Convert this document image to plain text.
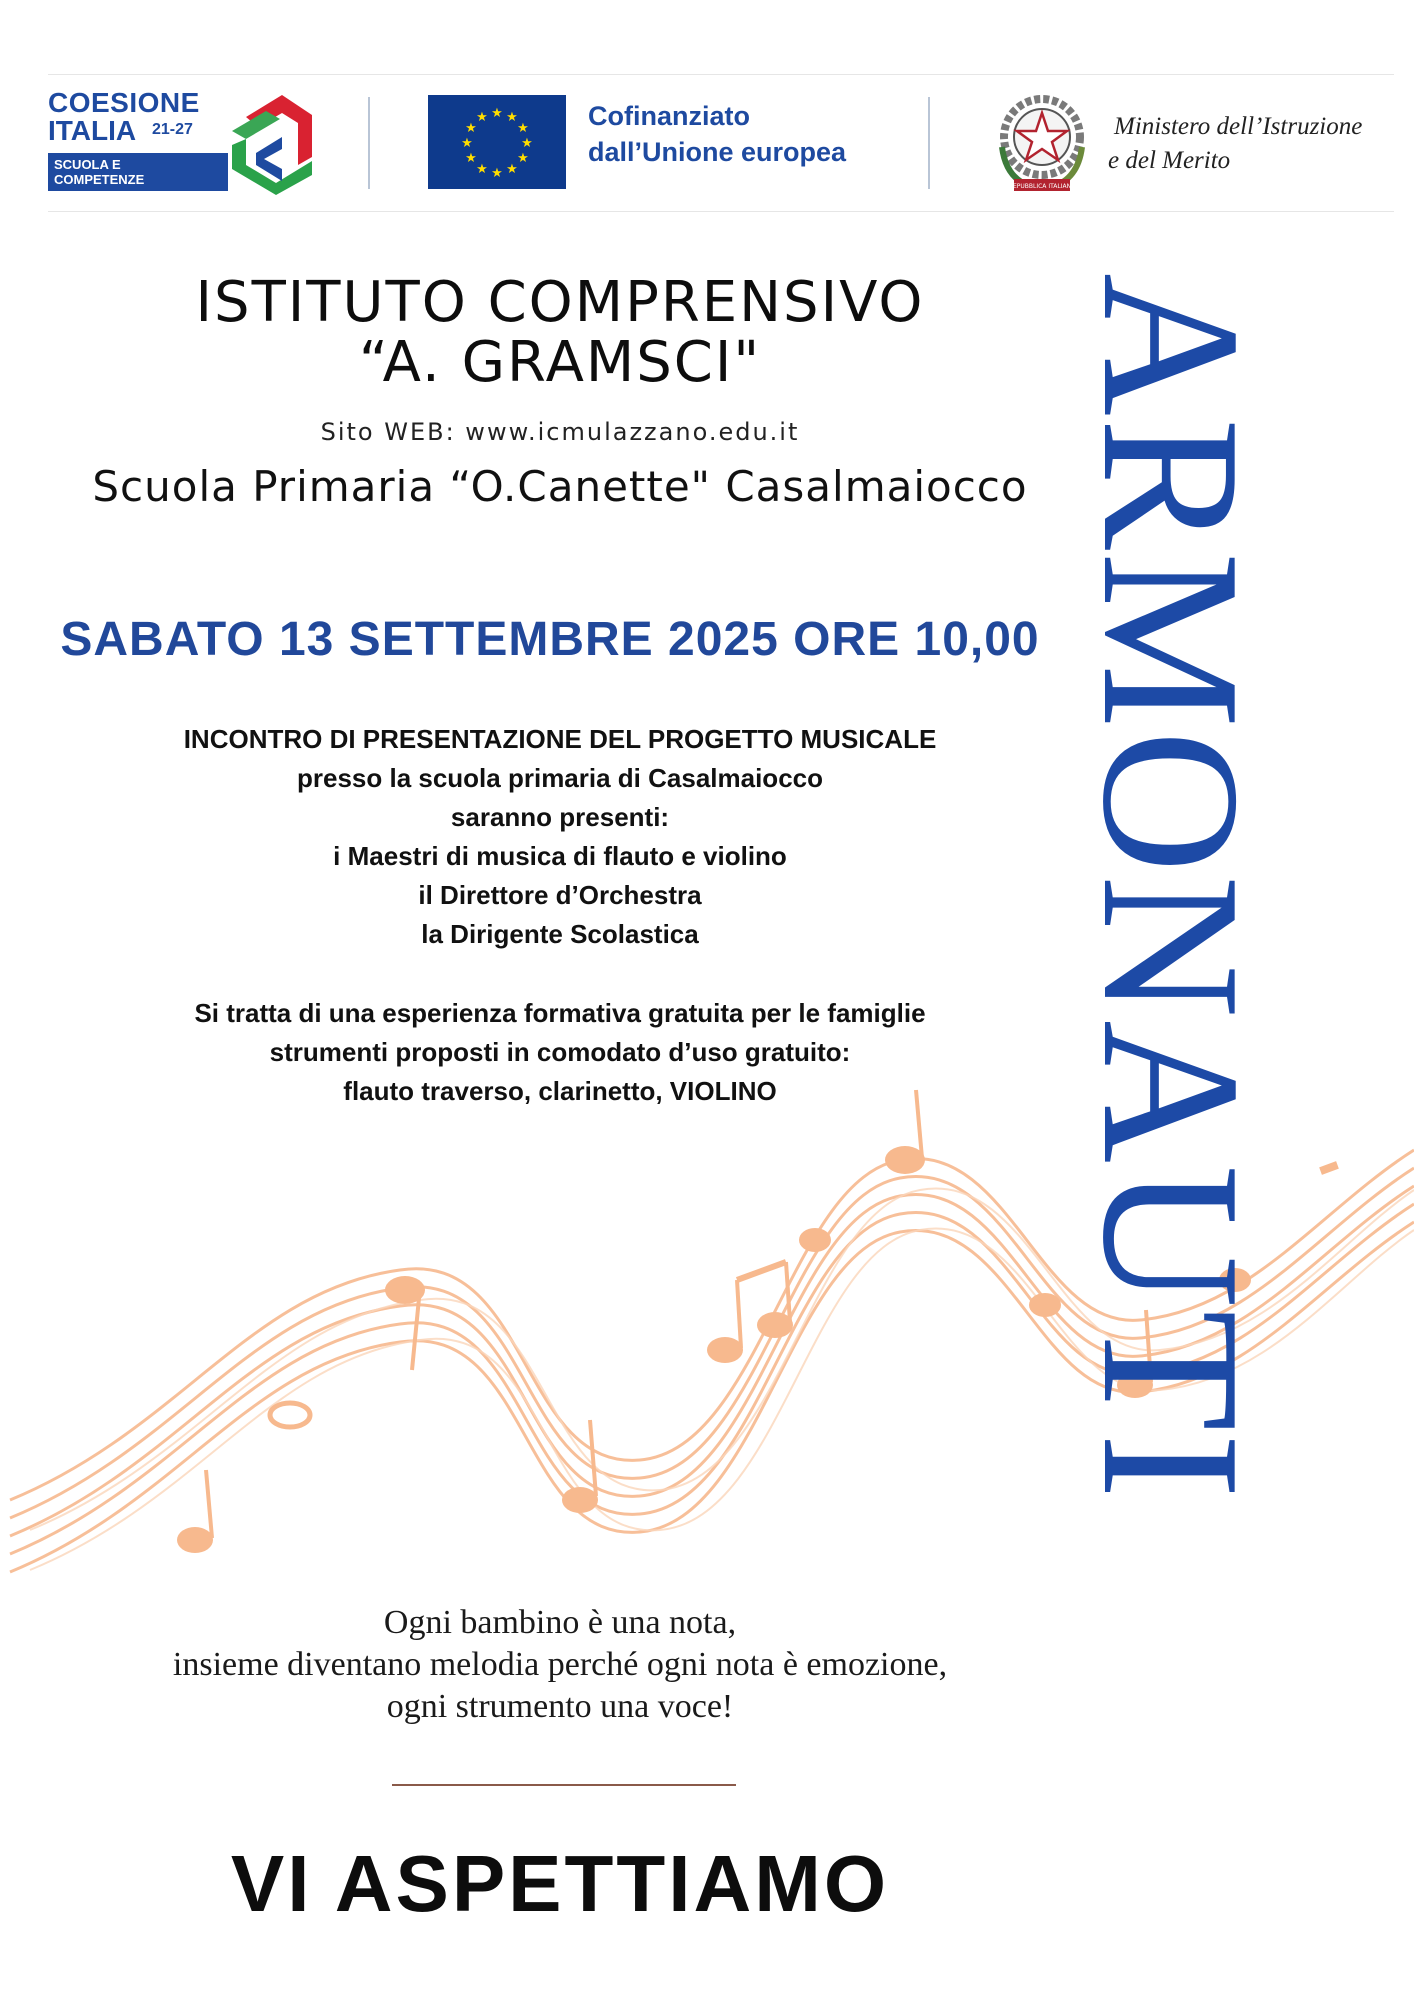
COESIONE
ITALIA 21-27
SCUOLA E
COMPETENZE
★ ★
★
★
★
★
★
★
★
★
★
★	Cofinanziato
dall’Unione europea
REPUBBLICA ITALIANA
Ministero dell’Istruzione
e del Merito
ISTITUTO COMPRENSIVO
“A. GRAMSCI"
Sito WEB: www.icmulazzano.edu.it
Scuola Primaria “O.Canette" Casalmaiocco
SABATO 13 SETTEMBRE 2025 ORE 10,00
INCONTRO DI PRESENTAZIONE DEL PROGETTO MUSICALE
presso la scuola primaria di Casalmaiocco
saranno presenti:
i Maestri di musica di flauto e violino
il Direttore d’Orchestra
la Dirigente Scolastica
Si tratta di una esperienza formativa gratuita per le famiglie
strumenti proposti in comodato d’uso gratuito:
flauto traverso, clarinetto, VIOLINO	ARMONAUTI
Ogni bambino è una nota,
insieme diventano melodia perché ogni nota è emozione,
ogni strumento una voce!
VI ASPETTIAMO
